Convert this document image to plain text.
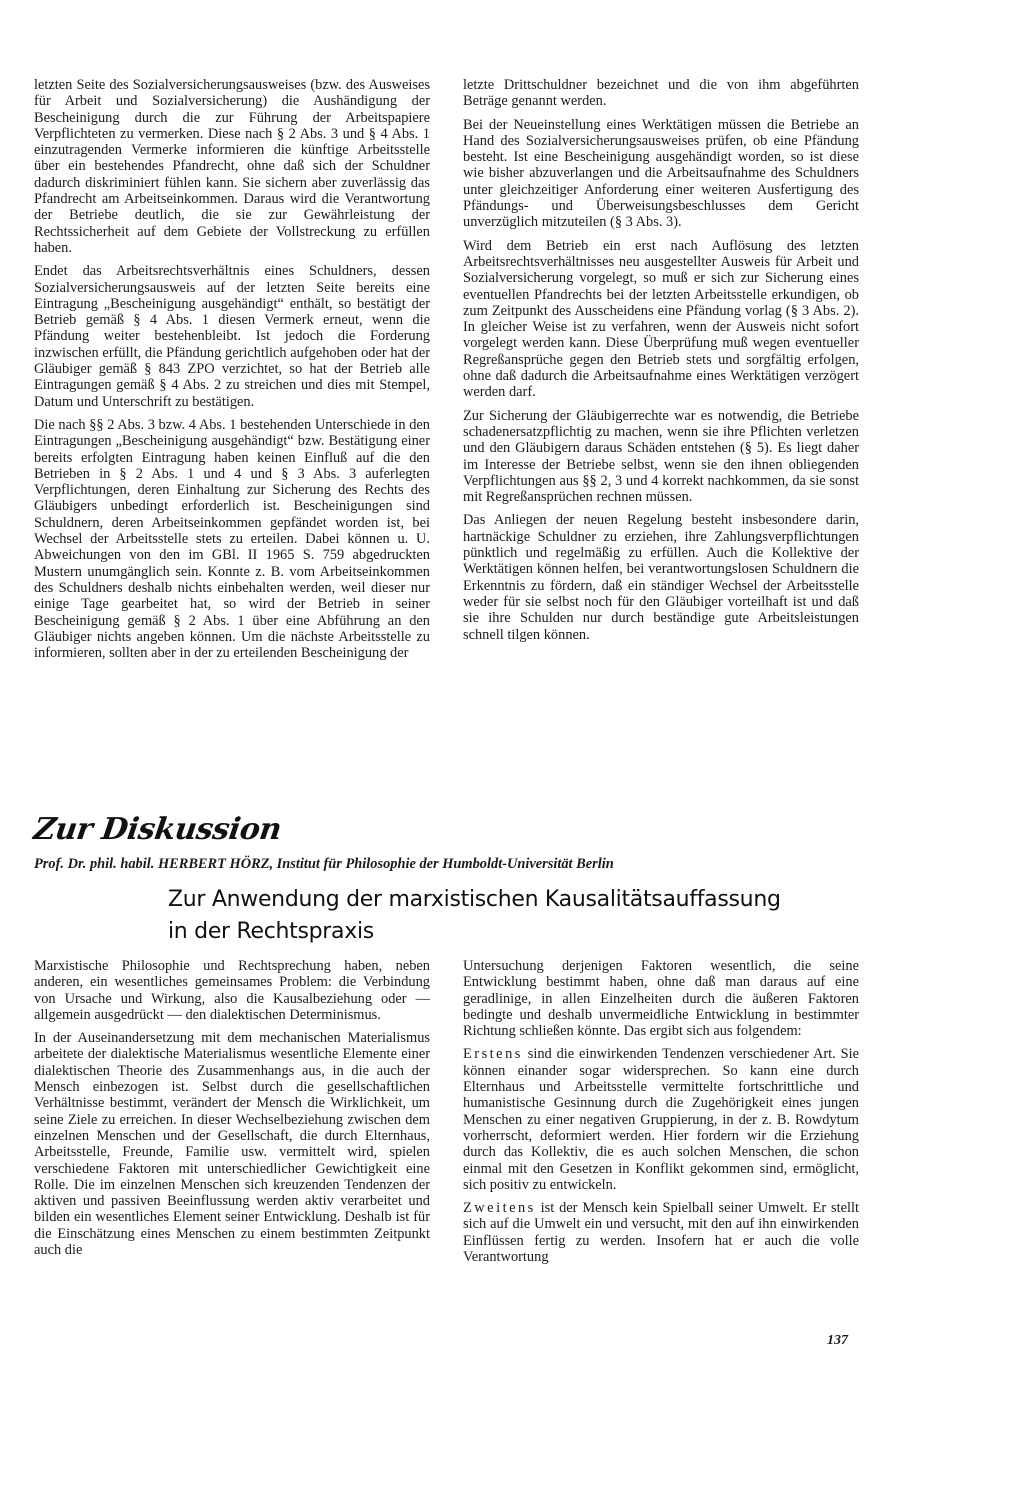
letzten Seite des Sozialversicherungsausweises (bzw. des Ausweises für Arbeit und Sozialversicherung) die Aushändigung der Bescheinigung durch die zur Führung der Arbeitspapiere Verpflichteten zu vermerken. Diese nach § 2 Abs. 3 und § 4 Abs. 1 einzutragenden Vermerke informieren die künftige Arbeitsstelle über ein bestehendes Pfandrecht, ohne daß sich der Schuldner dadurch diskriminiert fühlen kann. Sie sichern aber zuverlässig das Pfandrecht am Arbeitseinkommen. Daraus wird die Verantwortung der Betriebe deutlich, die sie zur Gewährleistung der Rechtssicherheit auf dem Gebiete der Vollstreckung zu erfüllen haben.

Endet das Arbeitsrechtsverhältnis eines Schuldners, dessen Sozialversicherungsausweis auf der letzten Seite bereits eine Eintragung „Bescheinigung ausgehändigt“ enthält, so bestätigt der Betrieb gemäß § 4 Abs. 1 diesen Vermerk erneut, wenn die Pfändung weiter bestehenbleibt. Ist jedoch die Forderung inzwischen erfüllt, die Pfändung gerichtlich aufgehoben oder hat der Gläubiger gemäß § 843 ZPO verzichtet, so hat der Betrieb alle Eintragungen gemäß § 4 Abs. 2 zu streichen und dies mit Stempel, Datum und Unterschrift zu bestätigen.

Die nach §§ 2 Abs. 3 bzw. 4 Abs. 1 bestehenden Unterschiede in den Eintragungen „Bescheinigung ausgehändigt“ bzw. Bestätigung einer bereits erfolgten Eintragung haben keinen Einfluß auf die den Betrieben in § 2 Abs. 1 und 4 und § 3 Abs. 3 auferlegten Verpflichtungen, deren Einhaltung zur Sicherung des Rechts des Gläubigers unbedingt erforderlich ist. Bescheinigungen sind Schuldnern, deren Arbeitseinkommen gepfändet worden ist, bei Wechsel der Arbeitsstelle stets zu erteilen. Dabei können u. U. Abweichungen von den im GBl. II 1965 S. 759 abgedruckten Mustern unumgänglich sein. Konnte z. B. vom Arbeitseinkommen des Schuldners deshalb nichts einbehalten werden, weil dieser nur einige Tage gearbeitet hat, so wird der Betrieb in seiner Bescheinigung gemäß § 2 Abs. 1 über eine Abführung an den Gläubiger nichts angeben können. Um die nächste Arbeitsstelle zu informieren, sollten aber in der zu erteilenden Bescheinigung der

letzte Drittschuldner bezeichnet und die von ihm abgeführten Beträge genannt werden.

Bei der Neueinstellung eines Werktätigen müssen die Betriebe an Hand des Sozialversicherungsausweises prüfen, ob eine Pfändung besteht. Ist eine Bescheinigung ausgehändigt worden, so ist diese wie bisher abzuverlangen und die Arbeitsaufnahme des Schuldners unter gleichzeitiger Anforderung einer weiteren Ausfertigung des Pfändungs- und Überweisungsbeschlusses dem Gericht unverzüglich mitzuteilen (§ 3 Abs. 3).

Wird dem Betrieb ein erst nach Auflösung des letzten Arbeitsrechtsverhältnisses neu ausgestellter Ausweis für Arbeit und Sozialversicherung vorgelegt, so muß er sich zur Sicherung eines eventuellen Pfandrechts bei der letzten Arbeitsstelle erkundigen, ob zum Zeitpunkt des Ausscheidens eine Pfändung vorlag (§ 3 Abs. 2). In gleicher Weise ist zu verfahren, wenn der Ausweis nicht sofort vorgelegt werden kann. Diese Überprüfung muß wegen eventueller Regreßansprüche gegen den Betrieb stets und sorgfältig erfolgen, ohne daß dadurch die Arbeitsaufnahme eines Werktätigen verzögert werden darf.

Zur Sicherung der Gläubigerrechte war es notwendig, die Betriebe schadenersatzpflichtig zu machen, wenn sie ihre Pflichten verletzen und den Gläubigern daraus Schäden entstehen (§ 5). Es liegt daher im Interesse der Betriebe selbst, wenn sie den ihnen obliegenden Verpflichtungen aus §§ 2, 3 und 4 korrekt nachkommen, da sie sonst mit Regreßansprüchen rechnen müssen.

Das Anliegen der neuen Regelung besteht insbesondere darin, hartnäckige Schuldner zu erziehen, ihre Zahlungsverpflichtungen pünktlich und regelmäßig zu erfüllen. Auch die Kollektive der Werktätigen können helfen, bei verantwortungslosen Schuldnern die Erkenntnis zu fördern, daß ein ständiger Wechsel der Arbeitsstelle weder für sie selbst noch für den Gläubiger vorteilhaft ist und daß sie ihre Schulden nur durch beständige gute Arbeitsleistungen schnell tilgen können.

Zur Diskussion
Prof. Dr. phil. habil. HERBERT HÖRZ, Institut für Philosophie der Humboldt-Universität Berlin
Zur Anwendung der marxistischen Kausalitätsauffassung
in der Rechtspraxis

Marxistische Philosophie und Rechtsprechung haben, neben anderen, ein wesentliches gemeinsames Problem: die Verbindung von Ursache und Wirkung, also die Kausalbeziehung oder — allgemein ausgedrückt — den dialektischen Determinismus.

In der Auseinandersetzung mit dem mechanischen Materialismus arbeitete der dialektische Materialismus wesentliche Elemente einer dialektischen Theorie des Zusammenhangs aus, in die auch der Mensch einbezogen ist. Selbst durch die gesellschaftlichen Verhältnisse bestimmt, verändert der Mensch die Wirklichkeit, um seine Ziele zu erreichen. In dieser Wechselbeziehung zwischen dem einzelnen Menschen und der Gesellschaft, die durch Elternhaus, Arbeitsstelle, Freunde, Familie usw. vermittelt wird, spielen verschiedene Faktoren mit unterschiedlicher Gewichtigkeit eine Rolle. Die im einzelnen Menschen sich kreuzenden Tendenzen der aktiven und passiven Beeinflussung werden aktiv verarbeitet und bilden ein wesentliches Element seiner Entwicklung. Deshalb ist für die Einschätzung eines Menschen zu einem bestimmten Zeitpunkt auch die

Untersuchung derjenigen Faktoren wesentlich, die seine Entwicklung bestimmt haben, ohne daß man daraus auf eine geradlinige, in allen Einzelheiten durch die äußeren Faktoren bedingte und deshalb unvermeidliche Entwicklung in bestimmter Richtung schließen könnte. Das ergibt sich aus folgendem:

Erstens sind die einwirkenden Tendenzen verschiedener Art. Sie können einander sogar widersprechen. So kann eine durch Elternhaus und Arbeitsstelle vermittelte fortschrittliche und humanistische Gesinnung durch die Zugehörigkeit eines jungen Menschen zu einer negativen Gruppierung, in der z. B. Rowdytum vorherrscht, deformiert werden. Hier fordern wir die Erziehung durch das Kollektiv, die es auch solchen Menschen, die schon einmal mit den Gesetzen in Konflikt gekommen sind, ermöglicht, sich positiv zu entwickeln.

Zweitens ist der Mensch kein Spielball seiner Umwelt. Er stellt sich auf die Umwelt ein und versucht, mit den auf ihn einwirkenden Einflüssen fertig zu werden. Insofern hat er auch die volle Verantwortung

137
